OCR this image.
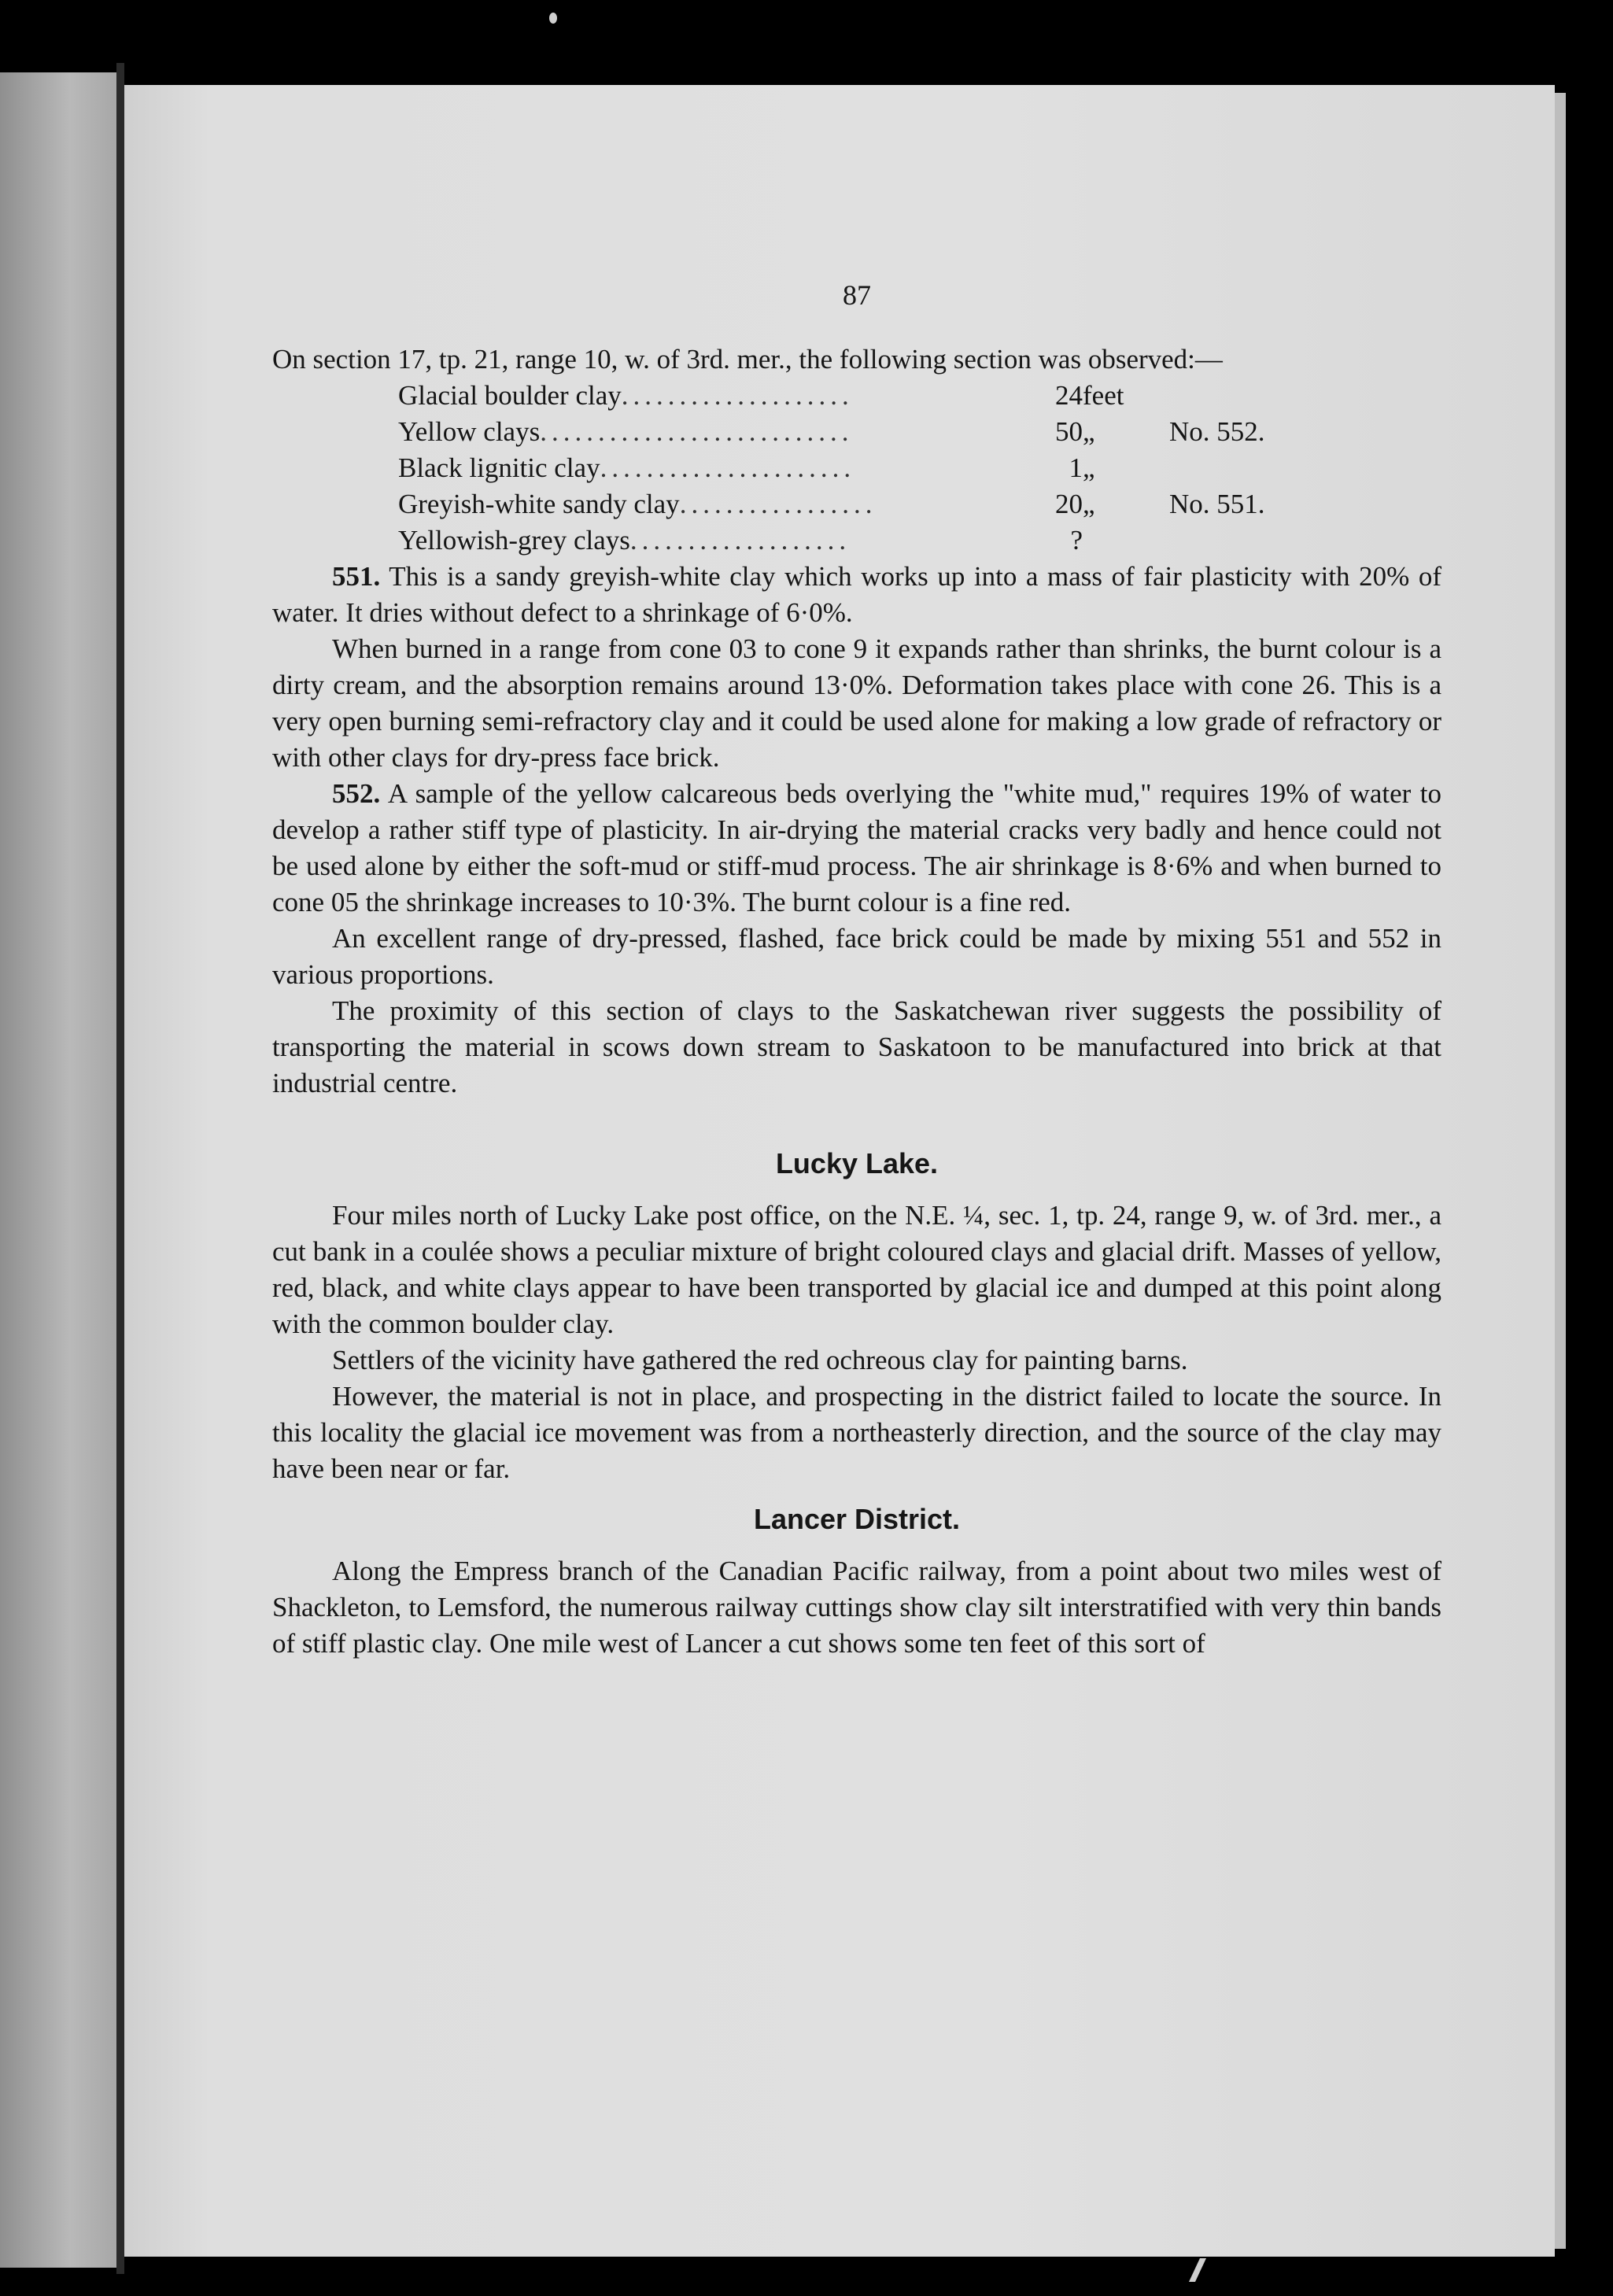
87

On section 17, tp. 21, range 10, w. of 3rd. mer., the following section was observed:—

Glacial boulder clay....................	24	feet	
Yellow clays...........................	50	„	No. 552.
Black lignitic clay......................	1	„	
Greyish-white sandy clay.................	20	„	No. 551.
Yellowish-grey clays...................	?		

551. This is a sandy greyish-white clay which works up into a mass of fair plasticity with 20% of water. It dries without defect to a shrinkage of 6·0%.

When burned in a range from cone 03 to cone 9 it expands rather than shrinks, the burnt colour is a dirty cream, and the absorption remains around 13·0%. Deformation takes place with cone 26. This is a very open burning semi-refractory clay and it could be used alone for making a low grade of refractory or with other clays for dry-press face brick.

552. A sample of the yellow calcareous beds overlying the "white mud," requires 19% of water to develop a rather stiff type of plasticity. In air-drying the material cracks very badly and hence could not be used alone by either the soft-mud or stiff-mud process. The air shrinkage is 8·6% and when burned to cone 05 the shrinkage increases to 10·3%. The burnt colour is a fine red.

An excellent range of dry-pressed, flashed, face brick could be made by mixing 551 and 552 in various proportions.

The proximity of this section of clays to the Saskatchewan river suggests the possibility of transporting the material in scows down stream to Saskatoon to be manufactured into brick at that industrial centre.

Lucky Lake.

Four miles north of Lucky Lake post office, on the N.E. ¼, sec. 1, tp. 24, range 9, w. of 3rd. mer., a cut bank in a coulée shows a peculiar mixture of bright coloured clays and glacial drift. Masses of yellow, red, black, and white clays appear to have been transported by glacial ice and dumped at this point along with the common boulder clay.

Settlers of the vicinity have gathered the red ochreous clay for painting barns.

However, the material is not in place, and prospecting in the district failed to locate the source. In this locality the glacial ice movement was from a northeasterly direction, and the source of the clay may have been near or far.

Lancer District.

Along the Empress branch of the Canadian Pacific railway, from a point about two miles west of Shackleton, to Lemsford, the numerous railway cuttings show clay silt interstratified with very thin bands of stiff plastic clay. One mile west of Lancer a cut shows some ten feet of this sort of
